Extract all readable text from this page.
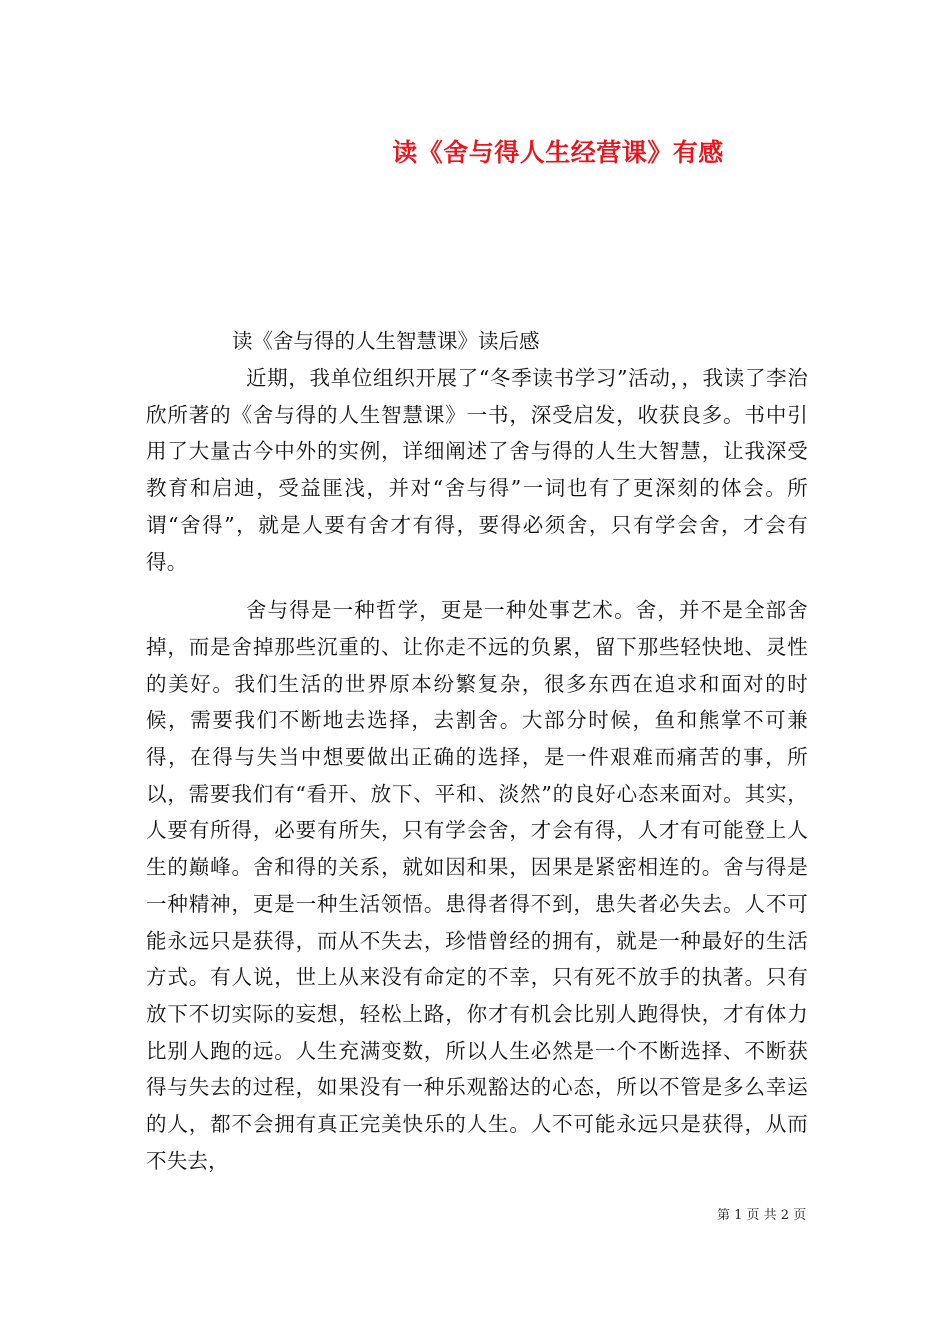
读《舍与得人生经营课》有感

读《舍与得的人生智慧课》读后感

近期，我单位组织开展了“冬季读书学习”活动，，我读了李治欣所著的《舍与得的人生智慧课》一书，深受启发，收获良多。书中引用了大量古今中外的实例，详细阐述了舍与得的人生大智慧，让我深受教育和启迪，受益匪浅，并对“舍与得”一词也有了更深刻的体会。所谓“舍得”，就是人要有舍才有得，要得必须舍，只有学会舍，才会有得。

舍与得是一种哲学，更是一种处事艺术。舍，并不是全部舍掉，而是舍掉那些沉重的、让你走不远的负累，留下那些轻快地、灵性的美好。我们生活的世界原本纷繁复杂，很多东西在追求和面对的时候，需要我们不断地去选择，去割舍。大部分时候，鱼和熊掌不可兼得，在得与失当中想要做出正确的选择，是一件艰难而痛苦的事，所以，需要我们有“看开、放下、平和、淡然”的良好心态来面对。其实，人要有所得，必要有所失，只有学会舍，才会有得，人才有可能登上人生的巅峰。舍和得的关系，就如因和果，因果是紧密相连的。舍与得是一种精神，更是一种生活领悟。患得者得不到，患失者必失去。人不可能永远只是获得，而从不失去，珍惜曾经的拥有，就是一种最好的生活方式。有人说，世上从来没有命定的不幸，只有死不放手的执著。只有放下不切实际的妄想，轻松上路，你才有机会比别人跑得快，才有体力比别人跑的远。人生充满变数，所以人生必然是一个不断选择、不断获得与失去的过程，如果没有一种乐观豁达的心态，所以不管是多么幸运的人，都不会拥有真正完美快乐的人生。人不可能永远只是获得，从而不失去，

第 1 页 共 2 页
